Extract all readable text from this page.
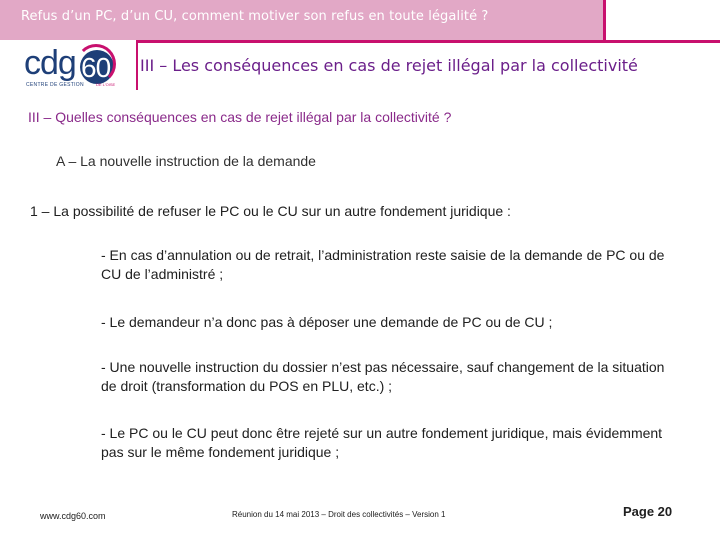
Refus d’un PC, d’un CU, comment motiver son refus en toute légalité ?
cdg 60
CENTRE DE GESTION	DE L'OISE
III – Les conséquences en cas de rejet illégal par la collectivité
III – Quelles conséquences en cas de rejet illégal par la collectivité ?
A – La nouvelle instruction de la demande
1 – La possibilité de refuser le PC ou le CU sur un autre fondement juridique :
- En cas d’annulation ou de retrait, l’administration reste saisie de la demande de PC ou de CU de l’administré ;
- Le demandeur n’a donc pas à déposer une demande de PC ou de CU ;
- Une nouvelle instruction du dossier n’est pas nécessaire, sauf changement de la situation de droit (transformation du POS en PLU, etc.) ;
- Le PC ou le CU peut donc être rejeté sur un autre fondement juridique, mais évidemment pas sur le même fondement juridique ;
www.cdg60.com	Réunion du 14 mai 2013 – Droit des collectivités – Version 1	Page 20
